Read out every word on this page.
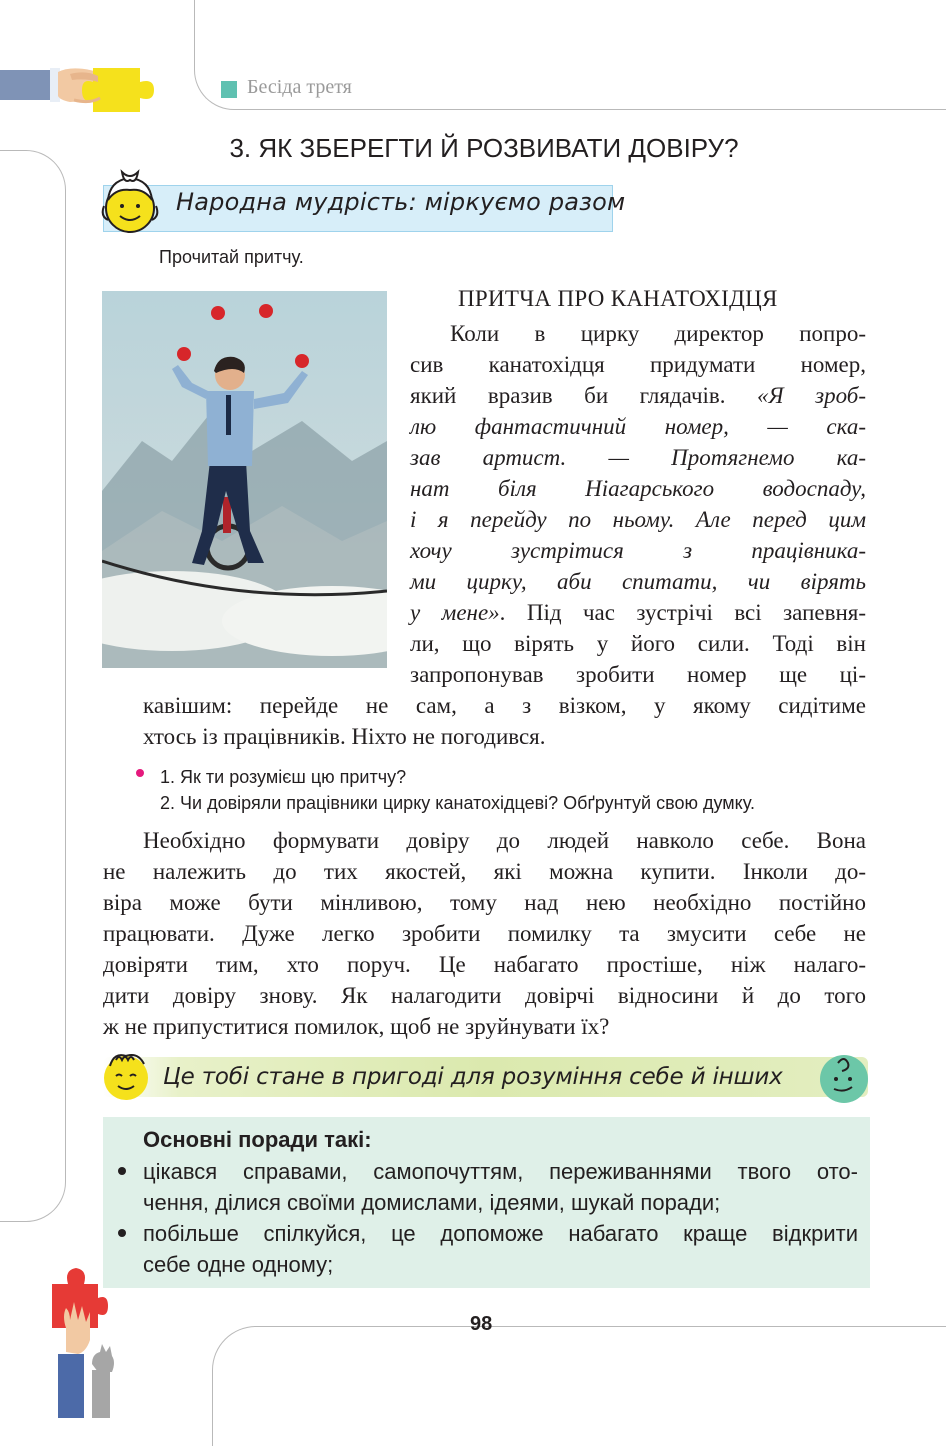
Бесіда третя
3. ЯК ЗБЕРЕГТИ Й РОЗВИВАТИ ДОВІРУ?
Народна мудрість: міркуємо разом
Прочитай притчу.
ПРИТЧА ПРО КАНАТОХІДЦЯ
Коли в цирку директор попро-
сив канатохідця придумати номер,
який вразив би глядачів. «Я зроб-
лю фантастичний номер, — ска-
зав артист. — Протягнемо ка-
нат біля Ніагарського водоспаду,
і я перейду по ньому. Але перед цим
хочу зустрітися з працівника-
ми цирку, аби спитати, чи вірять
у мене». Під час зустрічі всі запевня-
ли, що вірять у його сили. Тоді він
запропонував зробити номер ще ці-
кавішим: перейде не сам, а з візком, у якому сидітиме
хтось із працівників. Ніхто не погодився.
1. Як ти розумієш цю притчу?
2. Чи довіряли працівники цирку канатохідцеві? Обґрунтуй свою думку.
Необхідно формувати довіру до людей навколо себе. Вона
не належить до тих якостей, які можна купити. Інколи до-
віра може бути мінливою, тому над нею необхідно постійно
працювати. Дуже легко зробити помилку та змусити себе не
довіряти тим, хто поруч. Це набагато простіше, ніж налаго-
дити довіру знову. Як налагодити довірчі відносини й до того
ж не припуститися помилок, щоб не зруйнувати їх?
Це тобі стане в пригоді для розуміння себе й інших
Основні поради такі:
цікався справами, самопочуттям, переживаннями твого ото-
чення, ділися своїми домислами, ідеями, шукай поради;
побільше спілкуйся, це допоможе набагато краще відкрити
себе одне одному;
98
